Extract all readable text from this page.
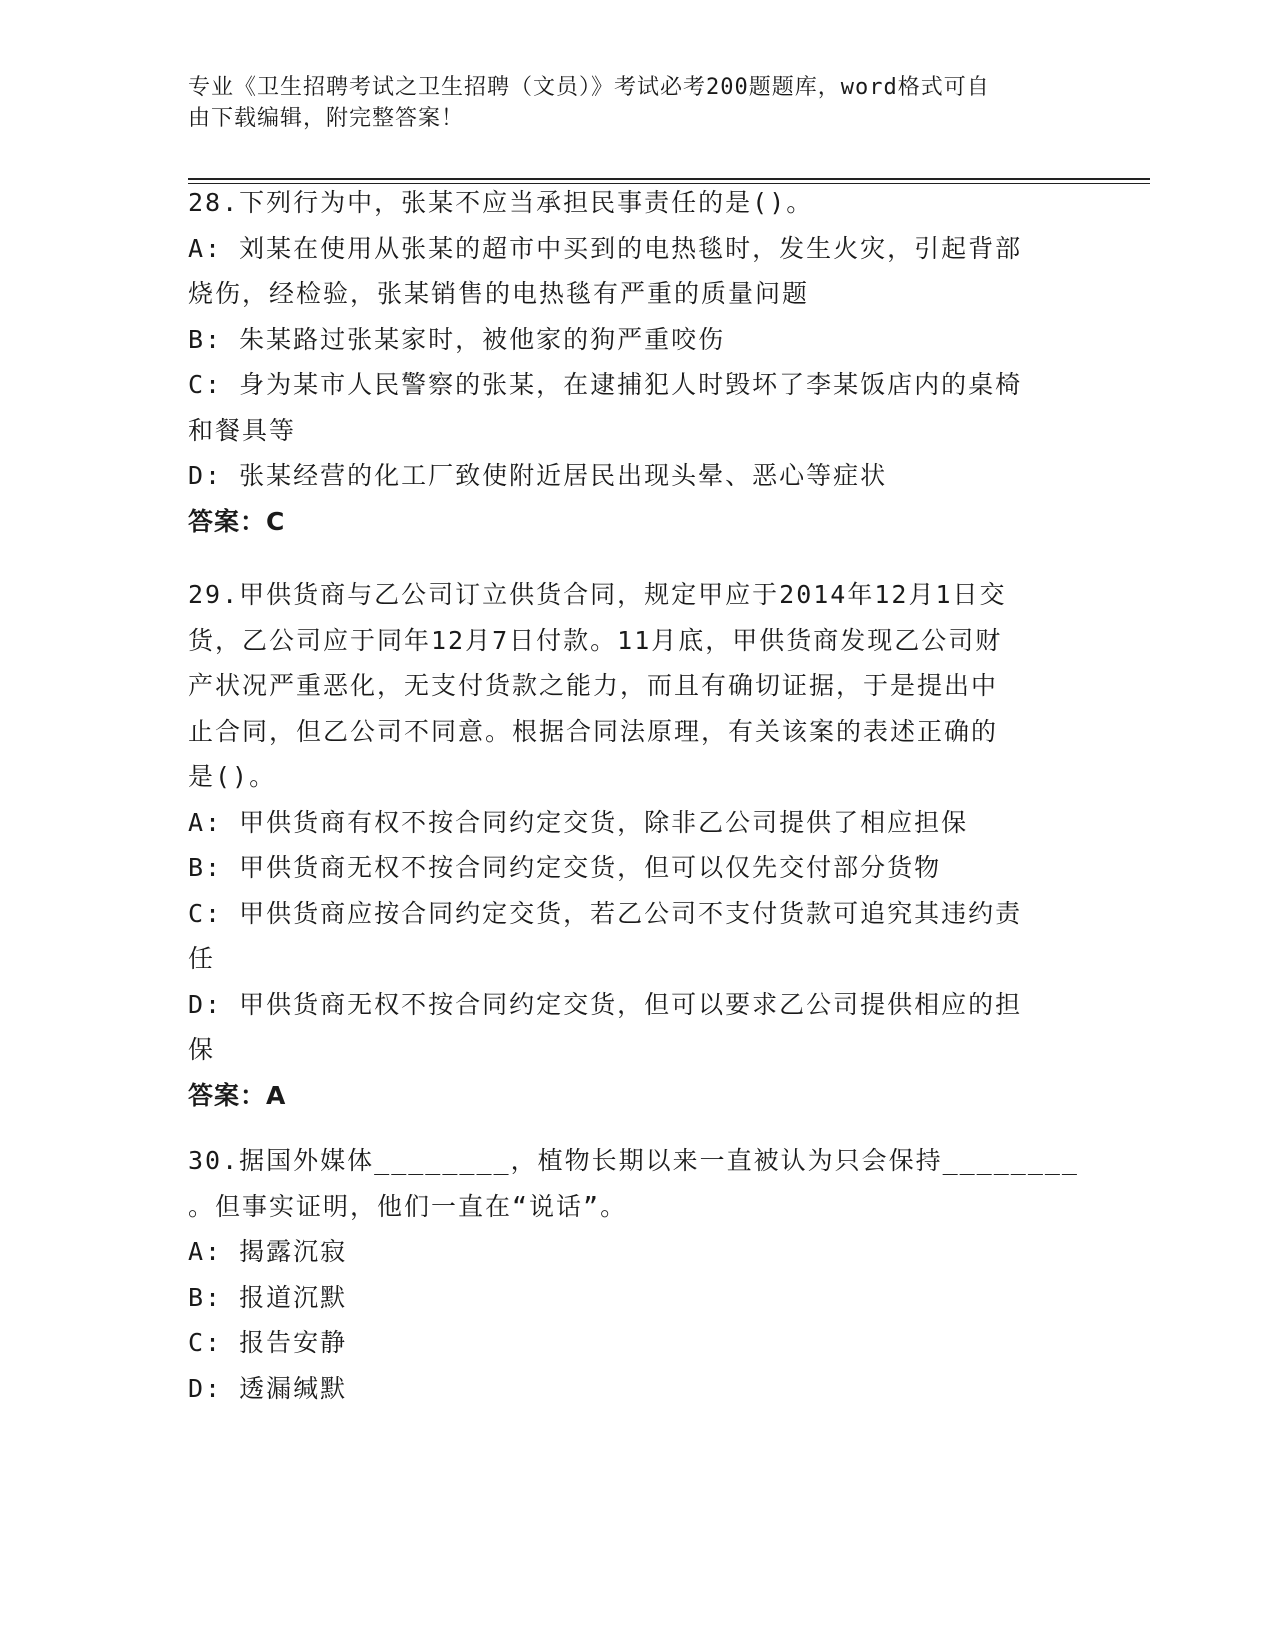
专业《卫生招聘考试之卫生招聘（文员）》考试必考200题题库，word格式可自
由下载编辑，附完整答案！

28.下列行为中，张某不应当承担民事责任的是()。

A: 刘某在使用从张某的超市中买到的电热毯时，发生火灾，引起背部

烧伤，经检验，张某销售的电热毯有严重的质量问题

B: 朱某路过张某家时，被他家的狗严重咬伤

C: 身为某市人民警察的张某，在逮捕犯人时毁坏了李某饭店内的桌椅

和餐具等

D: 张某经营的化工厂致使附近居民出现头晕、恶心等症状

答案：C

29.甲供货商与乙公司订立供货合同，规定甲应于2014年12月1日交

货，乙公司应于同年12月7日付款。11月底，甲供货商发现乙公司财

产状况严重恶化，无支付货款之能力，而且有确切证据，于是提出中

止合同，但乙公司不同意。根据合同法原理，有关该案的表述正确的

是()。

A: 甲供货商有权不按合同约定交货，除非乙公司提供了相应担保

B: 甲供货商无权不按合同约定交货，但可以仅先交付部分货物

C: 甲供货商应按合同约定交货，若乙公司不支付货款可追究其违约责

任

D: 甲供货商无权不按合同约定交货，但可以要求乙公司提供相应的担

保

答案：A

30.据国外媒体________，植物长期以来一直被认为只会保持________

。但事实证明，他们一直在“说话”。

A: 揭露沉寂

B: 报道沉默

C: 报告安静

D: 透漏缄默
